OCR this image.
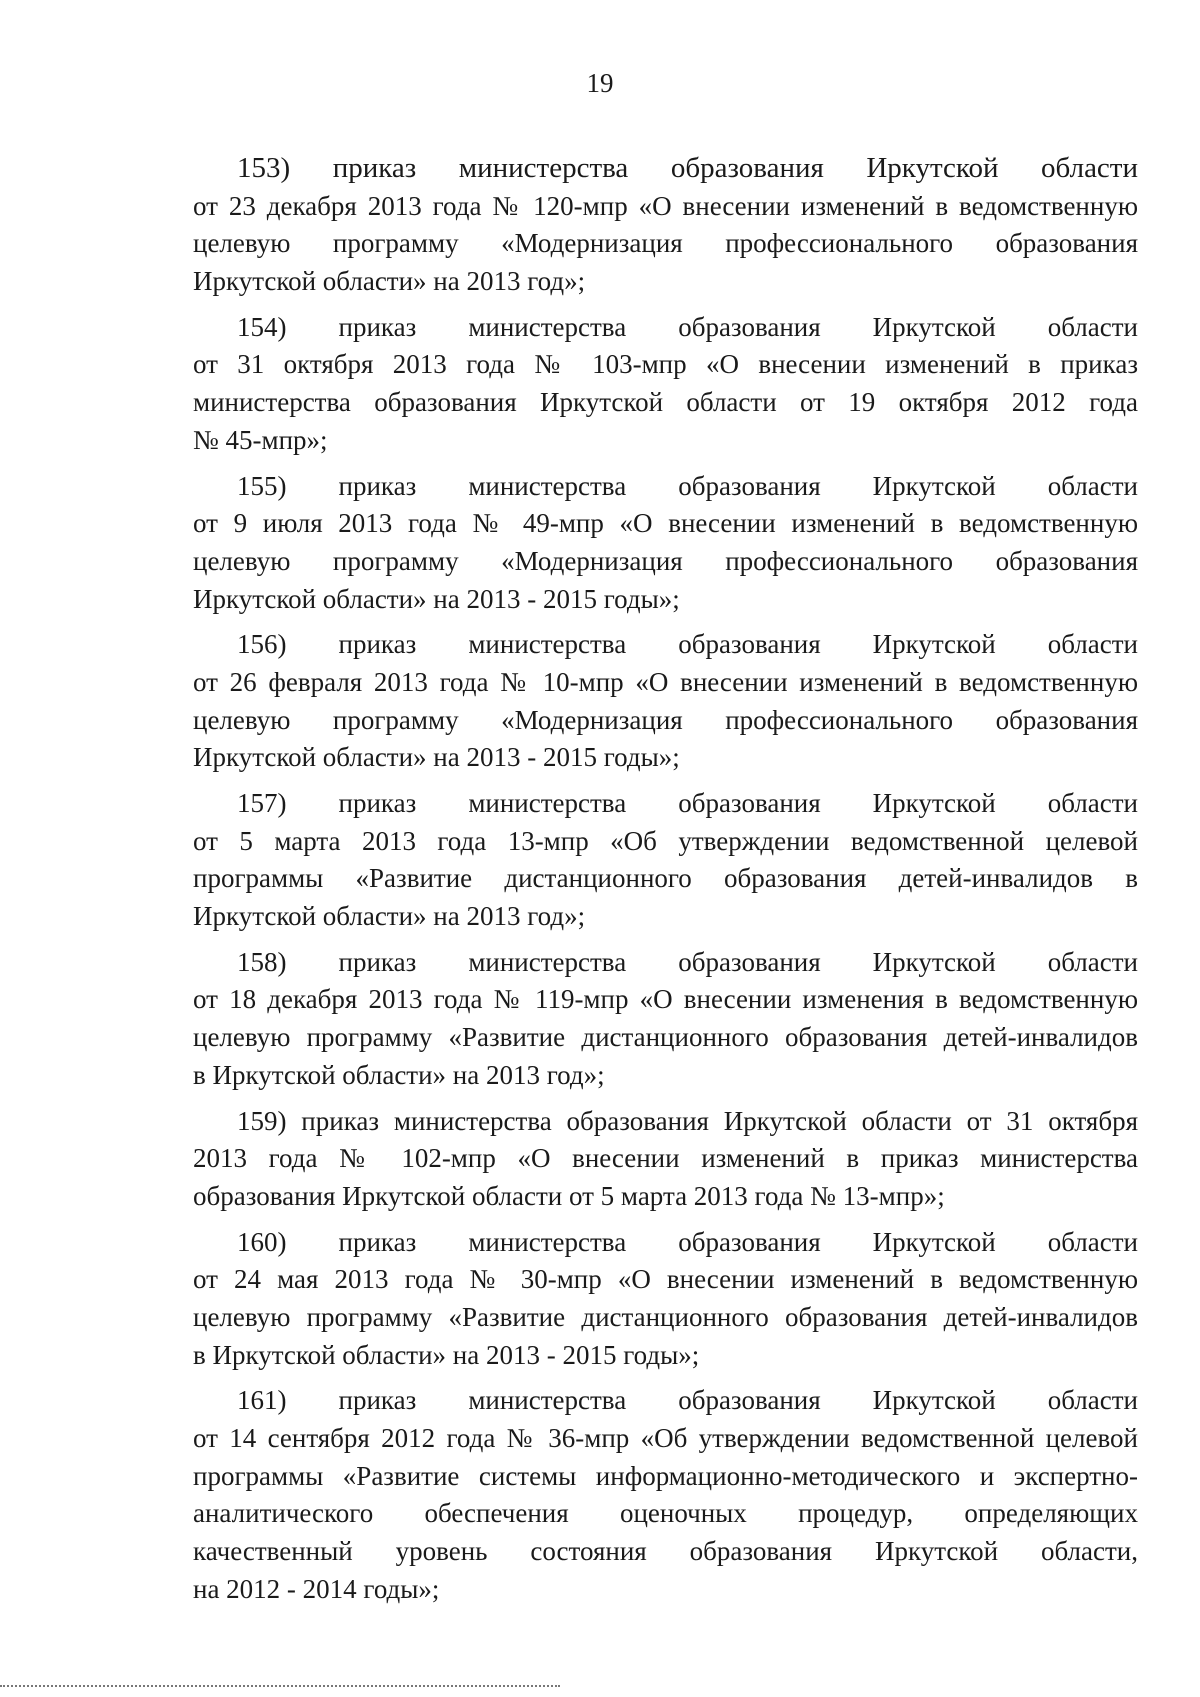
19
153) приказ министерства образования Иркутской области
от 23 декабря 2013 года № 120-мпр «О внесении изменений в ведомственную
целевую программу «Модернизация профессионального образования
Иркутской области» на 2013 год»;
154) приказ министерства образования Иркутской области
от 31 октября 2013 года № 103-мпр «О внесении изменений в приказ
министерства образования Иркутской области от 19 октября 2012 года
№ 45-мпр»;
155) приказ министерства образования Иркутской области
от 9 июля 2013 года № 49-мпр «О внесении изменений в ведомственную
целевую программу «Модернизация профессионального образования
Иркутской области» на 2013 - 2015 годы»;
156) приказ министерства образования Иркутской области
от 26 февраля 2013 года № 10-мпр «О внесении изменений в ведомственную
целевую программу «Модернизация профессионального образования
Иркутской области» на 2013 - 2015 годы»;
157) приказ министерства образования Иркутской области
от 5 марта 2013 года 13-мпр «Об утверждении ведомственной целевой
программы «Развитие дистанционного образования детей-инвалидов в
Иркутской области» на 2013 год»;
158) приказ министерства образования Иркутской области
от 18 декабря 2013 года № 119-мпр «О внесении изменения в ведомственную
целевую программу «Развитие дистанционного образования детей-инвалидов
в Иркутской области» на 2013 год»;
159) приказ министерства образования Иркутской области от 31 октября
2013 года № 102-мпр «О внесении изменений в приказ министерства
образования Иркутской области от 5 марта 2013 года № 13-мпр»;
160) приказ министерства образования Иркутской области
от 24 мая 2013 года № 30-мпр «О внесении изменений в ведомственную
целевую программу «Развитие дистанционного образования детей-инвалидов
в Иркутской области» на 2013 - 2015 годы»;
161) приказ министерства образования Иркутской области
от 14 сентября 2012 года № 36-мпр «Об утверждении ведомственной целевой
программы «Развитие системы информационно-методического и экспертно-
аналитического обеспечения оценочных процедур, определяющих
качественный уровень состояния образования Иркутской области,
на 2012 - 2014 годы»;
